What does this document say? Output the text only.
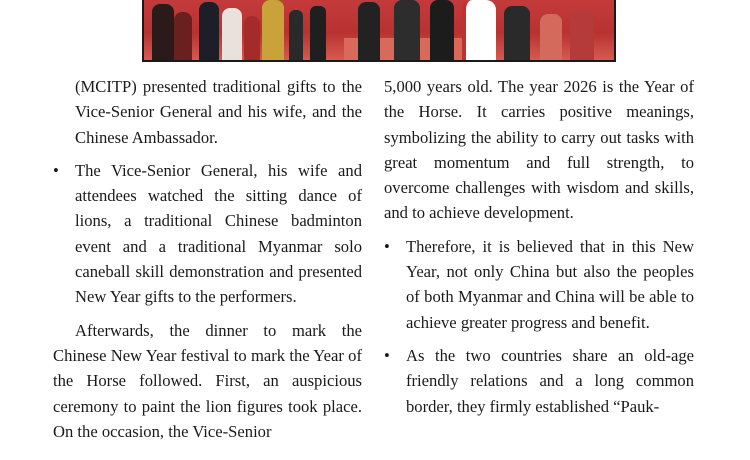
(MCITP) presented traditional gifts to the Vice-Senior General and his wife, and the Chinese Ambassador.

• The Vice-Senior General, his wife and attendees watched the sitting dance of lions, a traditional Chinese badminton event and a traditional Myanmar solo caneball skill demonstration and presented New Year gifts to the performers.

Afterwards, the dinner to mark the Chinese New Year festival to mark the Year of the Horse followed. First, an auspicious ceremony to paint the lion figures took place. On the occasion, the Vice-Senior

5,000 years old. The year 2026 is the Year of the Horse. It carries positive meanings, symbolizing the ability to carry out tasks with great momentum and full strength, to overcome challenges with wisdom and skills, and to achieve development.

• Therefore, it is believed that in this New Year, not only China but also the peoples of both Myanmar and China will be able to achieve greater progress and benefit.

• As the two countries share an old-age friendly relations and a long common border, they firmly established “Pauk-
